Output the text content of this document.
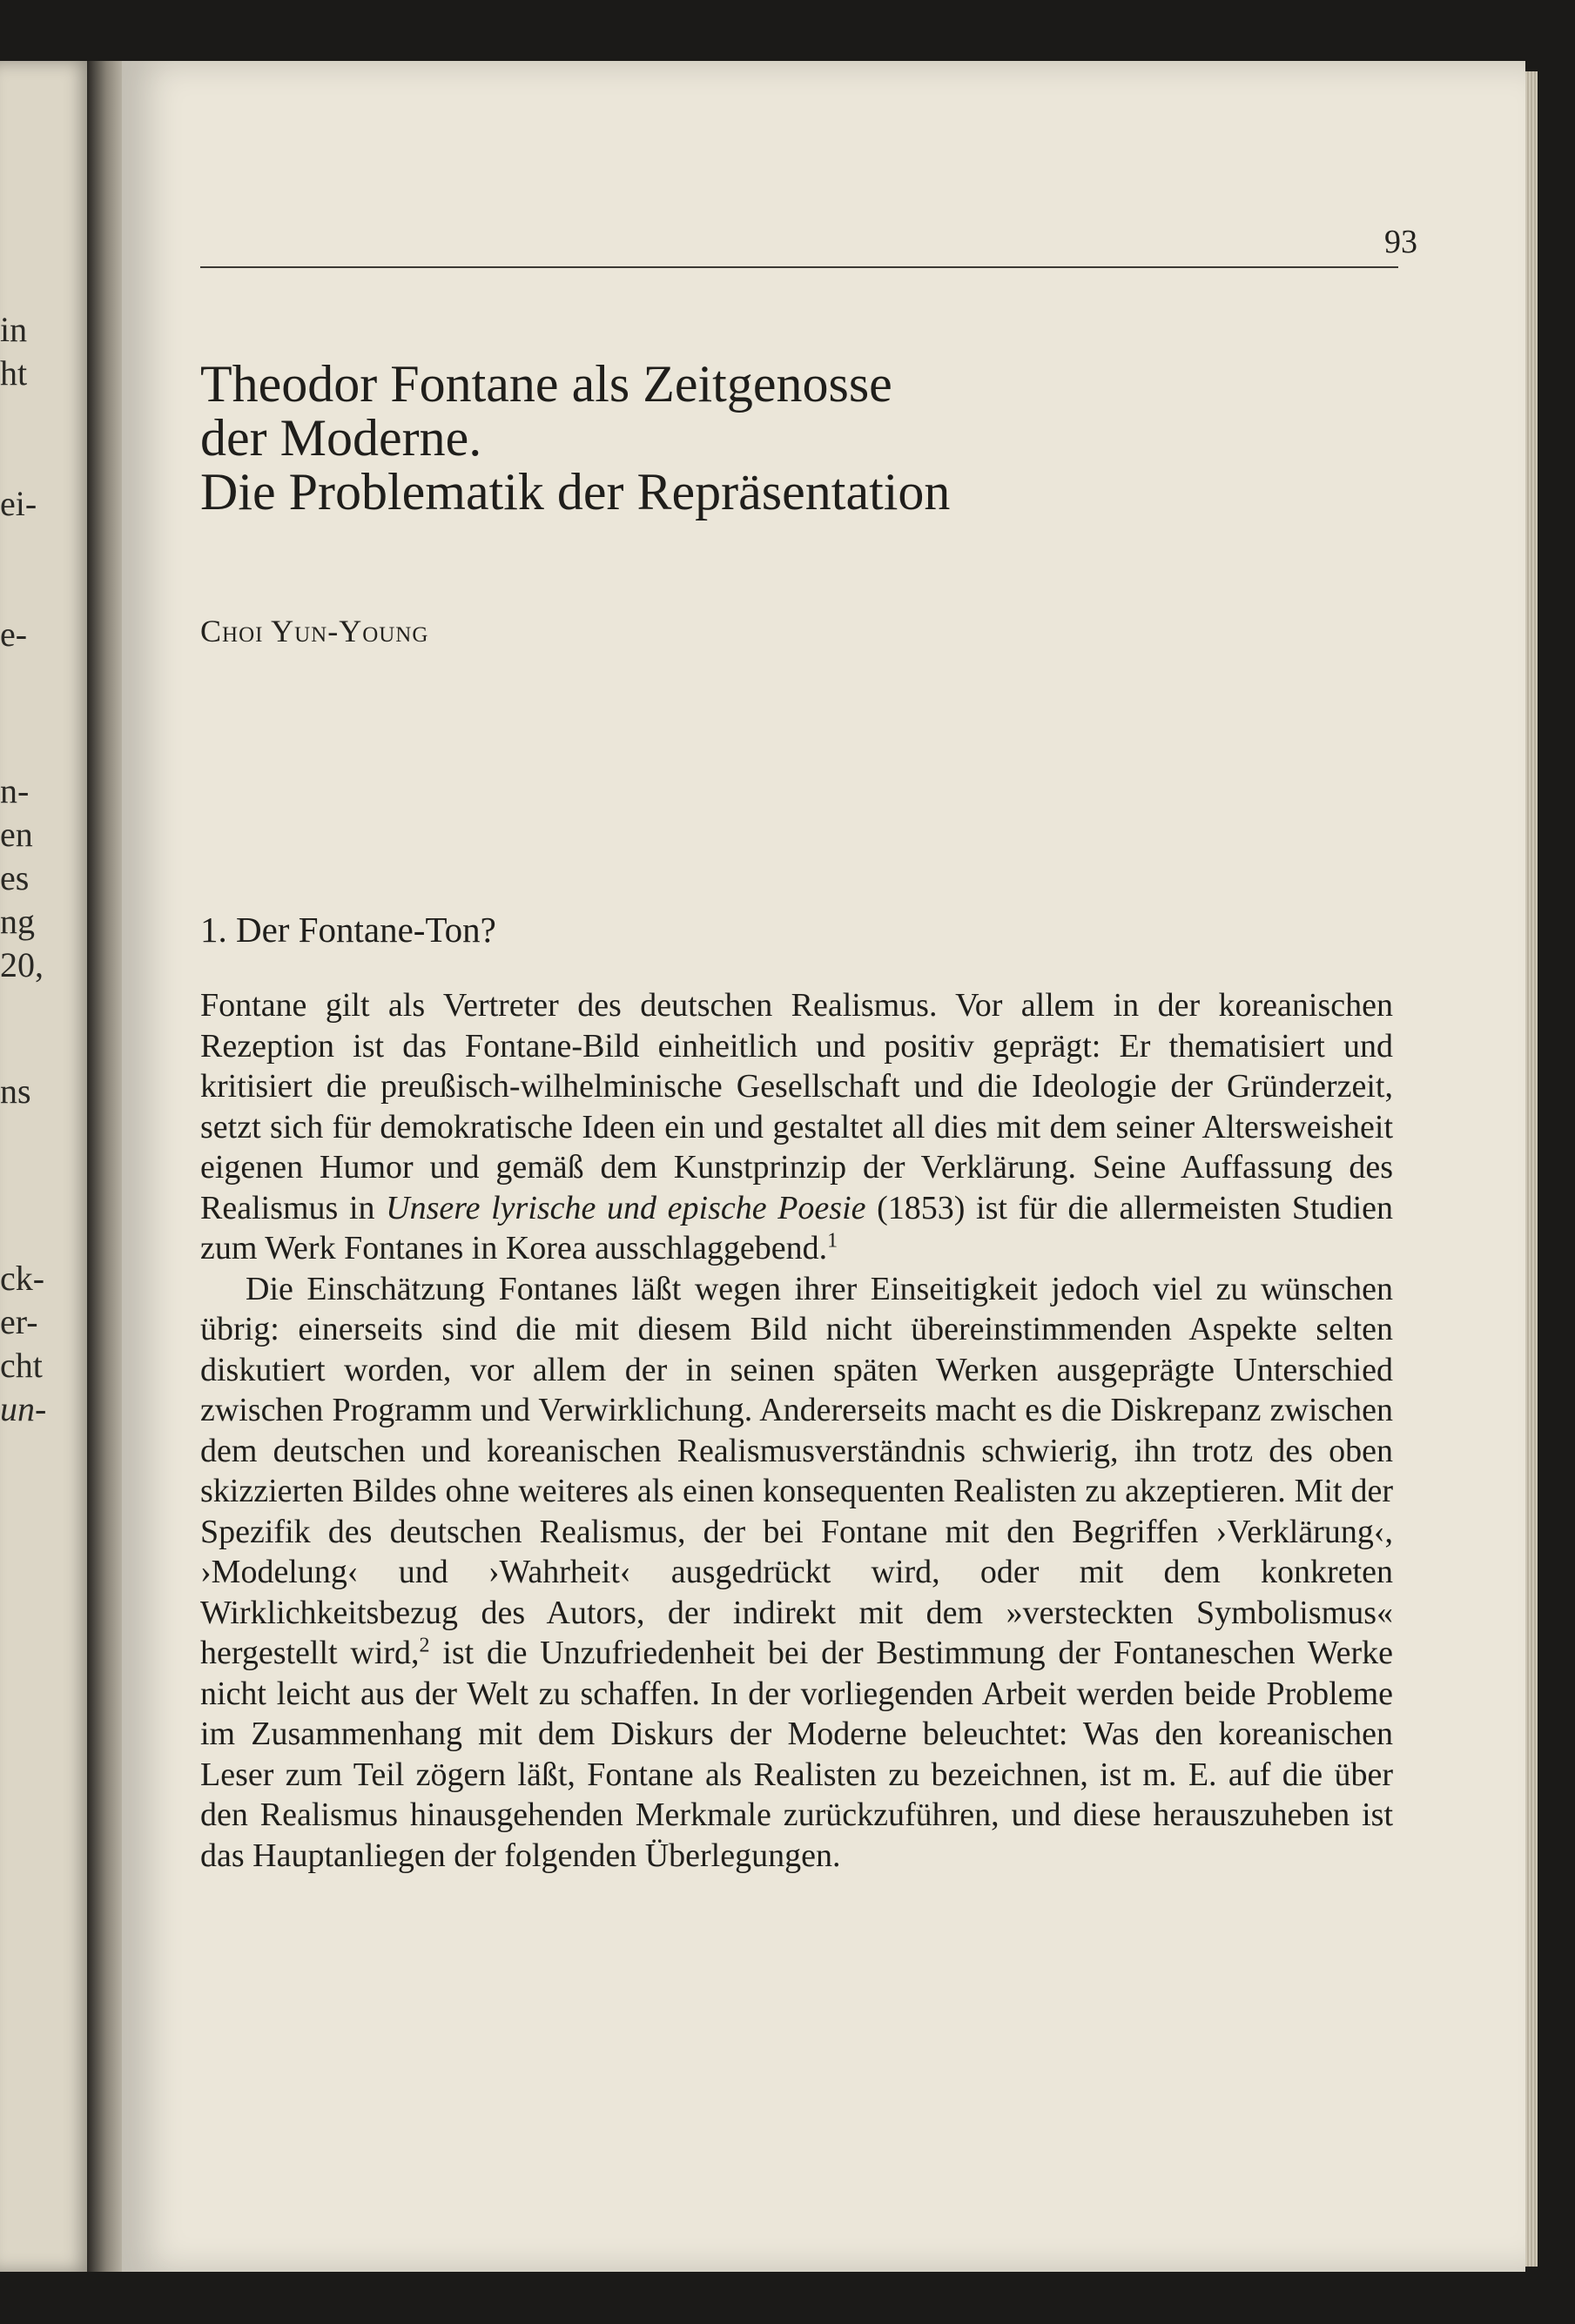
in
ht
ei-
e-
n-
en
es
ng
20,
ns
ck-
er-
cht
un-
93
Theodor Fontane als Zeitgenosse
der Moderne.
Die Problematik der Repräsentation
Choi Yun-Young
1. Der Fontane-Ton?

Fontane gilt als Vertreter des deutschen Realismus. Vor allem in der koreanischen Rezeption ist das Fontane-Bild einheitlich und positiv geprägt: Er thematisiert und kritisiert die preußisch-wilhelminische Gesellschaft und die Ideologie der Gründerzeit, setzt sich für demokratische Ideen ein und gestaltet all dies mit dem seiner Altersweisheit eigenen Humor und gemäß dem Kunstprinzip der Verklärung. Seine Auffassung des Realismus in Unsere lyrische und epische Poesie (1853) ist für die allermeisten Studien zum Werk Fontanes in Korea ausschlaggebend.$^1$

Die Einschätzung Fontanes läßt wegen ihrer Einseitigkeit jedoch viel zu wünschen übrig: einerseits sind die mit diesem Bild nicht übereinstimmenden Aspekte selten diskutiert worden, vor allem der in seinen späten Werken ausgeprägte Unterschied zwischen Programm und Verwirklichung. Andererseits macht es die Diskrepanz zwischen dem deutschen und koreanischen Realismusverständnis schwierig, ihn trotz des oben skizzierten Bildes ohne weiteres als einen konsequenten Realisten zu akzeptieren. Mit der Spezifik des deutschen Realismus, der bei Fontane mit den Begriffen ›Verklärung‹, ›Modelung‹ und ›Wahrheit‹ ausgedrückt wird, oder mit dem konkreten Wirklichkeitsbezug des Autors, der indirekt mit dem »versteckten Symbolismus« hergestellt wird,$^2$ ist die Unzufriedenheit bei der Bestimmung der Fontaneschen Werke nicht leicht aus der Welt zu schaffen. In der vorliegenden Arbeit werden beide Probleme im Zusammenhang mit dem Diskurs der Moderne beleuchtet: Was den koreanischen Leser zum Teil zögern läßt, Fontane als Realisten zu bezeichnen, ist m. E. auf die über den Realismus hinausgehenden Merkmale zurückzuführen, und diese herauszuheben ist das Hauptanliegen der folgenden Überlegungen.
